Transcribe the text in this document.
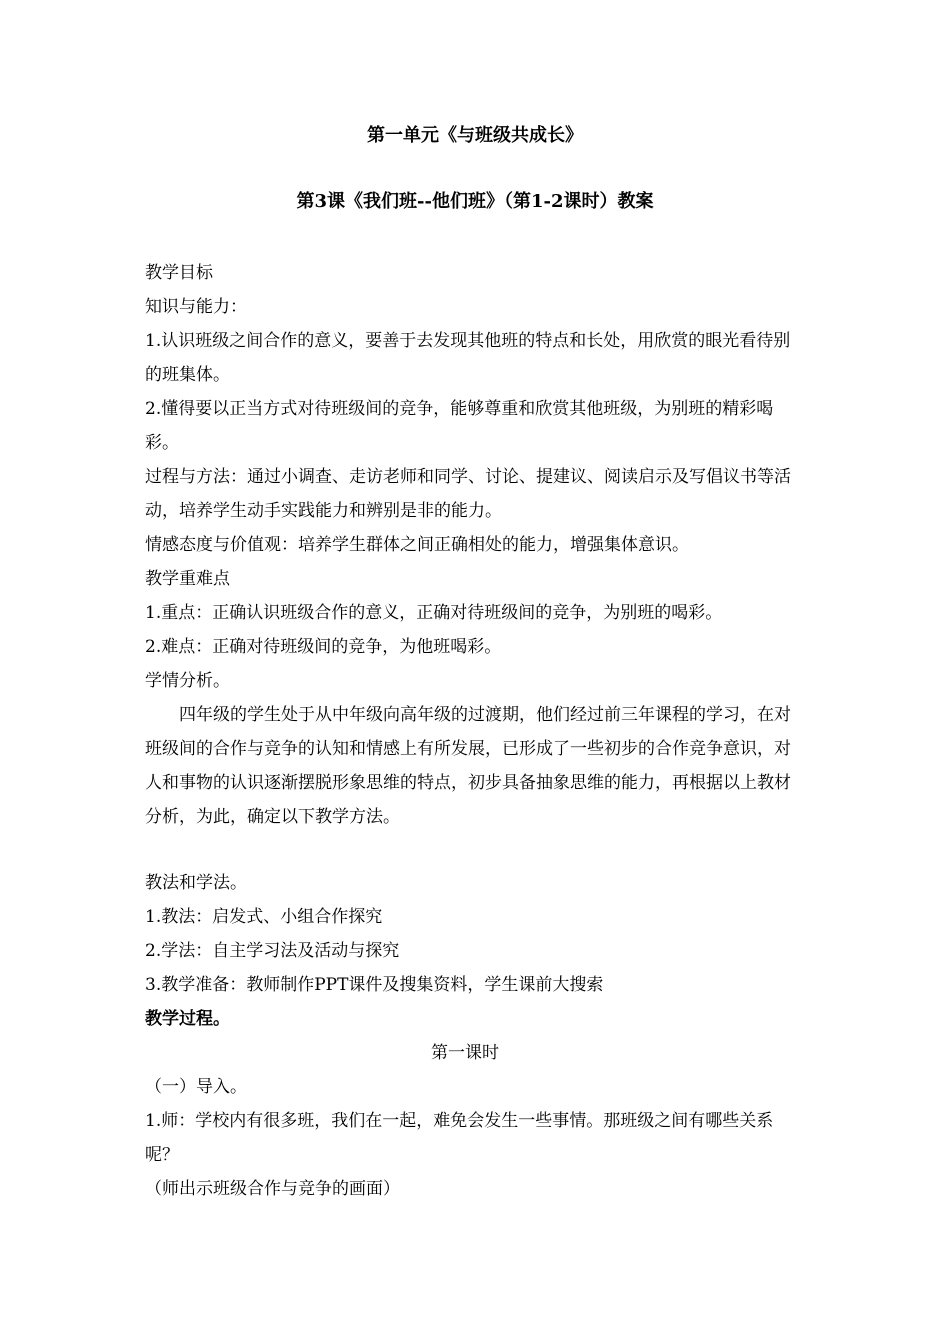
第一单元《与班级共成长》
第3课《我们班--他们班》（第1-2课时）教案

教学目标

知识与能力：

1.认识班级之间合作的意义，要善于去发现其他班的特点和长处，用欣赏的眼光看待别的班集体。

2.懂得要以正当方式对待班级间的竞争，能够尊重和欣赏其他班级，为别班的精彩喝彩。

过程与方法：通过小调查、走访老师和同学、讨论、提建议、阅读启示及写倡议书等活动，培养学生动手实践能力和辨别是非的能力。

情感态度与价值观：培养学生群体之间正确相处的能力，增强集体意识。

教学重难点

1.重点：正确认识班级合作的意义，正确对待班级间的竞争，为别班的喝彩。

2.难点：正确对待班级间的竞争，为他班喝彩。

学情分析。

四年级的学生处于从中年级向高年级的过渡期，他们经过前三年课程的学习，在对班级间的合作与竞争的认知和情感上有所发展，已形成了一些初步的合作竞争意识，对人和事物的认识逐渐摆脱形象思维的特点，初步具备抽象思维的能力，再根据以上教材分析，为此，确定以下教学方法。

教法和学法。

1.教法：启发式、小组合作探究

2.学法：自主学习法及活动与探究

3.教学准备：教师制作PPT课件及搜集资料，学生课前大搜索

教学过程。

第一课时

（一）导入。

1.师：学校内有很多班，我们在一起，难免会发生一些事情。那班级之间有哪些关系呢？

（师出示班级合作与竞争的画面）
